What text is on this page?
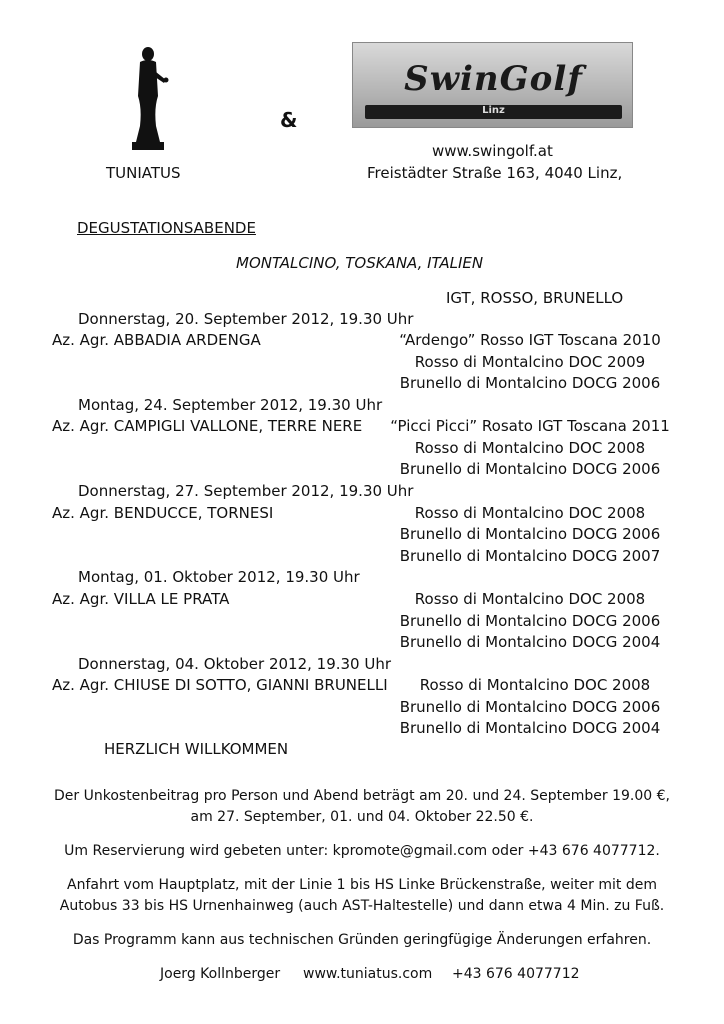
&
TUNIATUS
SwinGolf
Linz
www.swingolf.at
Freistädter Straße 163, 4040 Linz,
DEGUSTATIONSABENDE
MONTALCINO, TOSKANA, ITALIEN
IGT, ROSSO, BRUNELLO
Donnerstag, 20. September 2012, 19.30 Uhr
Az. Agr. ABBADIA ARDENGA	“Ardengo” Rosso IGT Toscana 2010
Rosso di Montalcino DOC 2009
Brunello di Montalcino DOCG 2006
Montag, 24. September 2012, 19.30 Uhr
Az. Agr. CAMPIGLI VALLONE, TERRE NERE	“Picci Picci” Rosato IGT Toscana 2011
Rosso di Montalcino DOC 2008
Brunello di Montalcino DOCG 2006
Donnerstag, 27. September 2012, 19.30 Uhr
Az. Agr. BENDUCCE, TORNESI	Rosso di Montalcino DOC 2008
Brunello di Montalcino DOCG 2006
Brunello di Montalcino DOCG 2007
Montag, 01. Oktober 2012, 19.30 Uhr
Az. Agr. VILLA LE PRATA	Rosso di Montalcino DOC 2008
Brunello di Montalcino DOCG 2006
Brunello di Montalcino DOCG 2004
Donnerstag, 04. Oktober 2012, 19.30 Uhr
Az. Agr. CHIUSE DI SOTTO, GIANNI BRUNELLI	Rosso di Montalcino DOC 2008
Brunello di Montalcino DOCG 2006
Brunello di Montalcino DOCG 2004
HERZLICH WILLKOMMEN
Der Unkostenbeitrag pro Person und Abend beträgt am 20. und 24. September 19.00 €,
am 27. September, 01. und 04. Oktober 22.50 €.
Um Reservierung wird gebeten unter: kpromote@gmail.com oder +43 676 4077712.
Anfahrt vom Hauptplatz, mit der Linie 1 bis HS Linke Brückenstraße, weiter mit dem
Autobus 33 bis HS Urnenhainweg (auch AST-Haltestelle) und dann etwa 4 Min. zu Fuß.
Das Programm kann aus technischen Gründen geringfügige Änderungen erfahren.
Joerg Kollnberger www.tuniatus.com +43 676 4077712
